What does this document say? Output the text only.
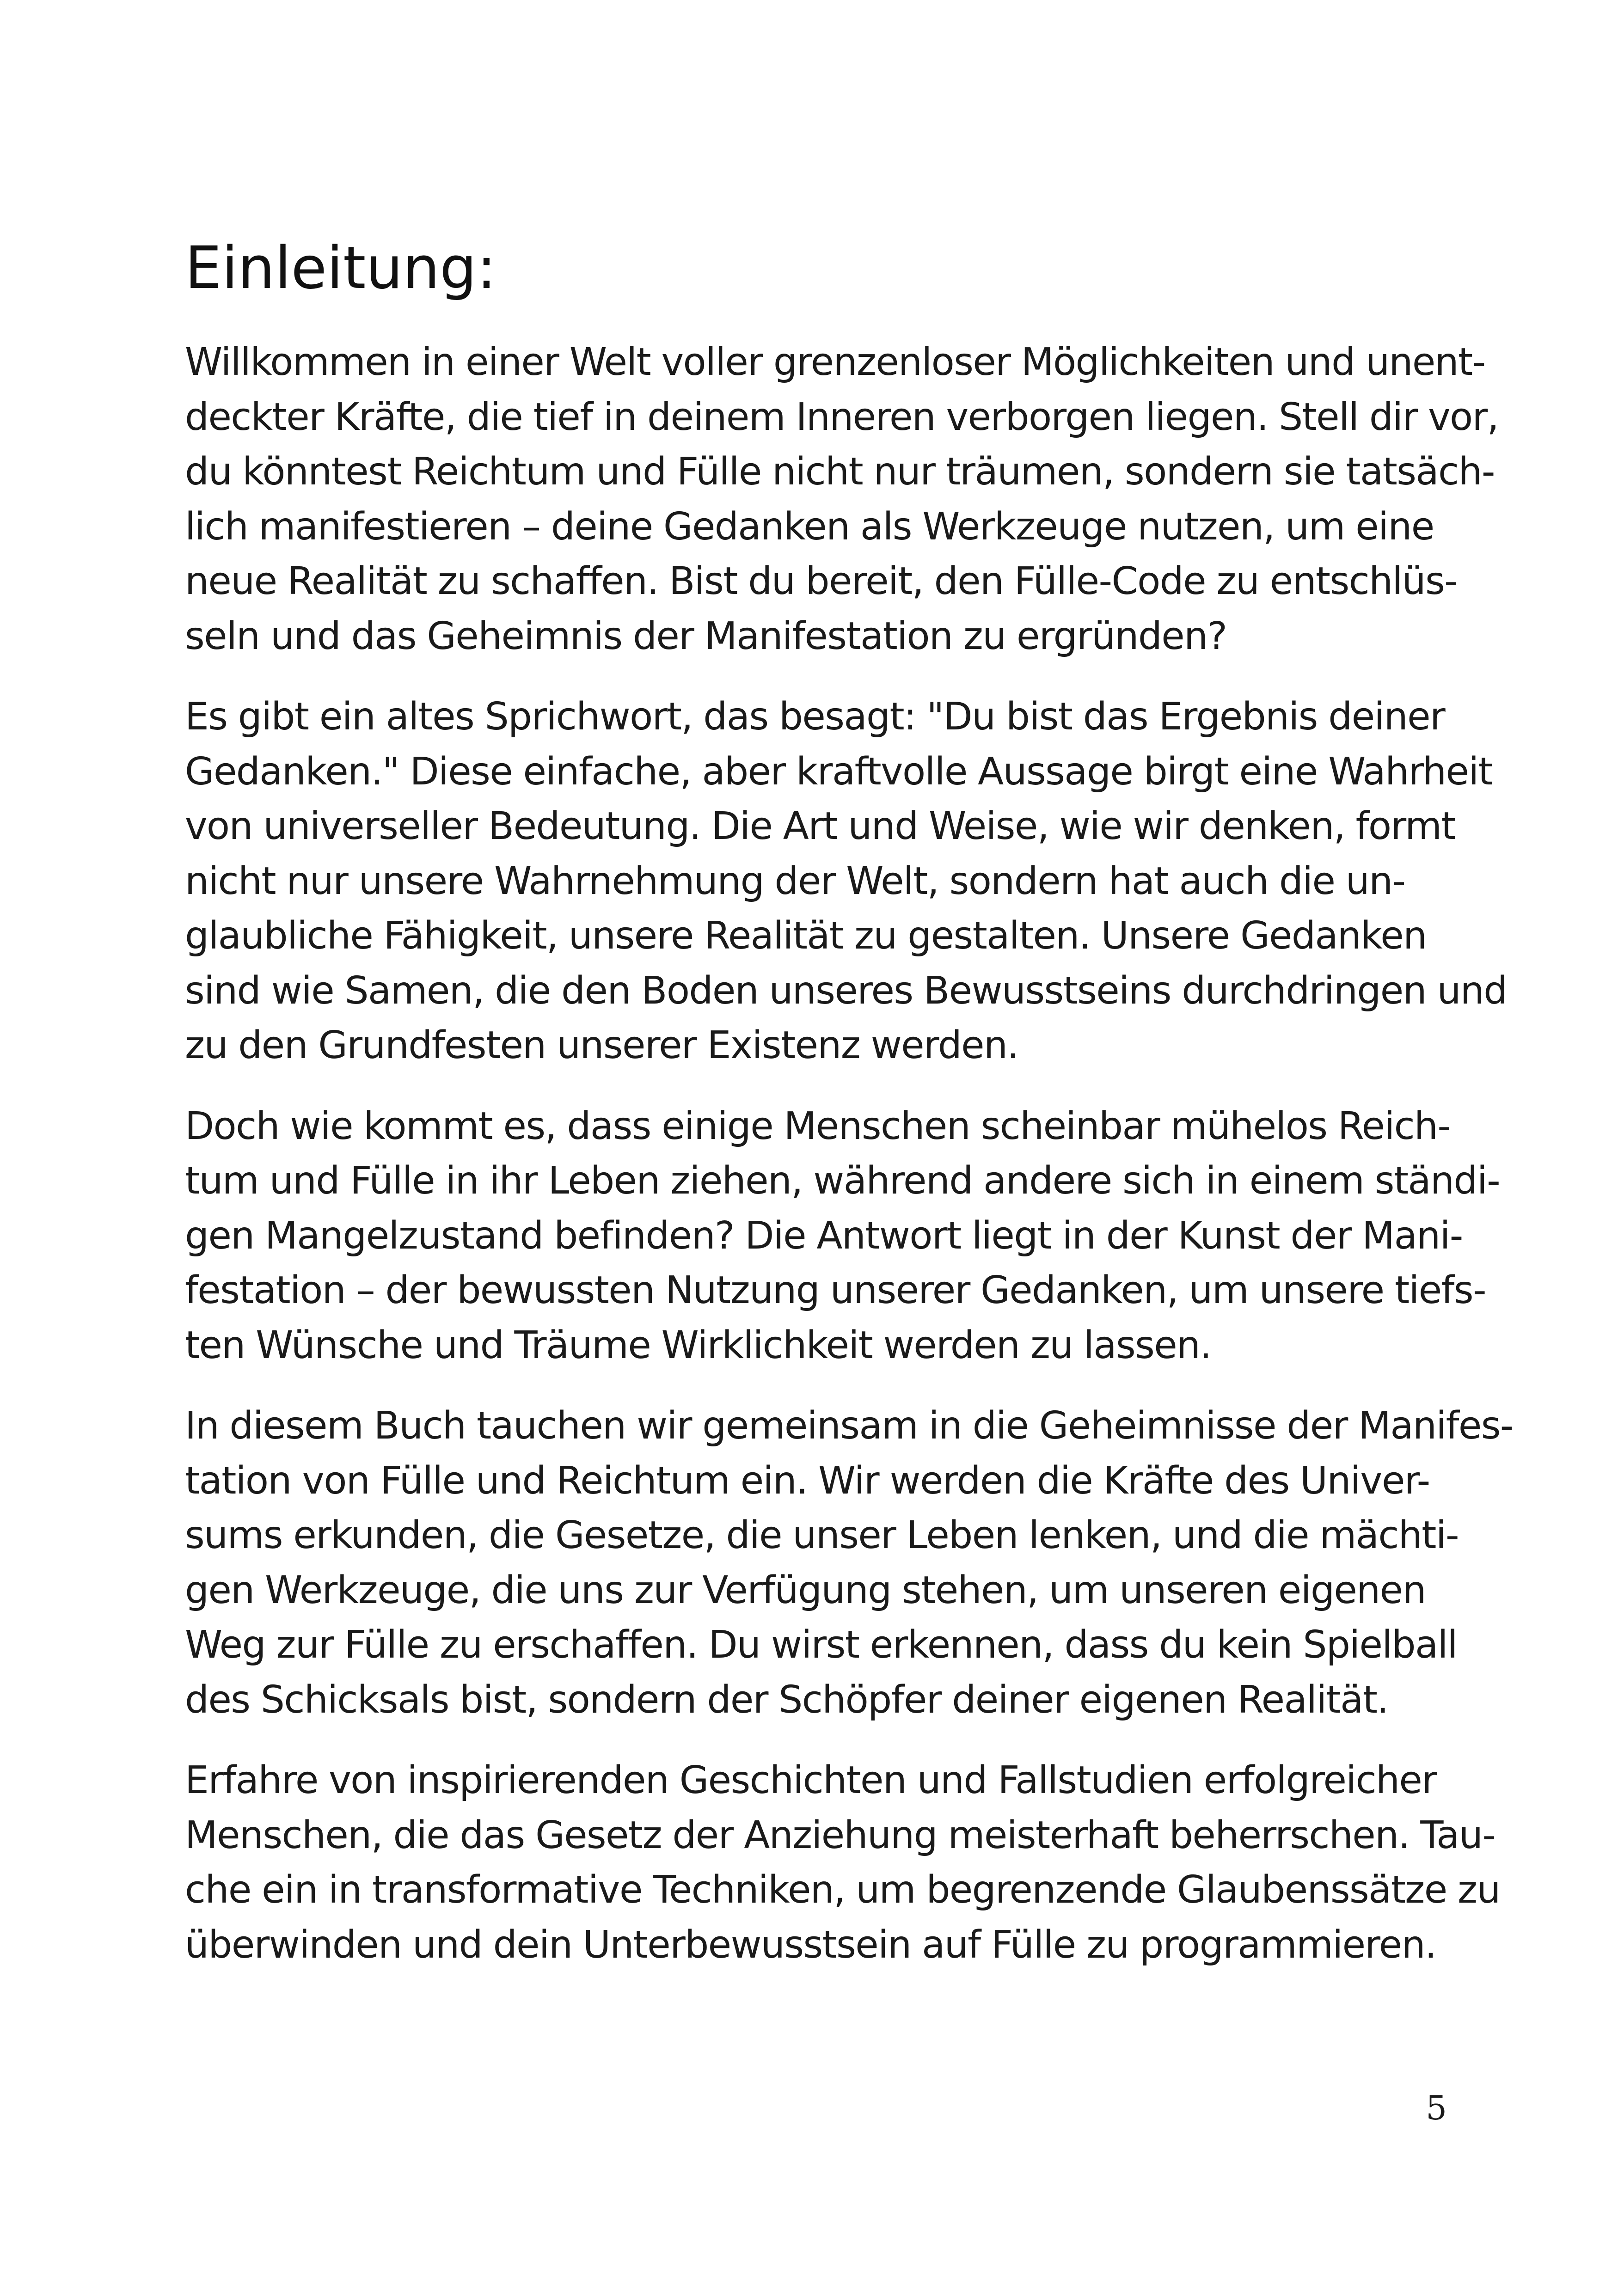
Einleitung:

Willkommen in einer Welt voller grenzenloser Möglichkeiten und unent-
deckter Kräfte, die tief in deinem Inneren verborgen liegen. Stell dir vor,
du könntest Reichtum und Fülle nicht nur träumen, sondern sie tatsäch-
lich manifestieren – deine Gedanken als Werkzeuge nutzen, um eine
neue Realität zu schaffen. Bist du bereit, den Fülle-Code zu entschlüs-
seln und das Geheimnis der Manifestation zu ergründen?

Es gibt ein altes Sprichwort, das besagt: "Du bist das Ergebnis deiner
Gedanken." Diese einfache, aber kraftvolle Aussage birgt eine Wahrheit
von universeller Bedeutung. Die Art und Weise, wie wir denken, formt
nicht nur unsere Wahrnehmung der Welt, sondern hat auch die un-
glaubliche Fähigkeit, unsere Realität zu gestalten. Unsere Gedanken
sind wie Samen, die den Boden unseres Bewusstseins durchdringen und
zu den Grundfesten unserer Existenz werden.

Doch wie kommt es, dass einige Menschen scheinbar mühelos Reich-
tum und Fülle in ihr Leben ziehen, während andere sich in einem ständi-
gen Mangelzustand befinden? Die Antwort liegt in der Kunst der Mani-
festation – der bewussten Nutzung unserer Gedanken, um unsere tiefs-
ten Wünsche und Träume Wirklichkeit werden zu lassen.

In diesem Buch tauchen wir gemeinsam in die Geheimnisse der Manifes-
tation von Fülle und Reichtum ein. Wir werden die Kräfte des Univer-
sums erkunden, die Gesetze, die unser Leben lenken, und die mächti-
gen Werkzeuge, die uns zur Verfügung stehen, um unseren eigenen
Weg zur Fülle zu erschaffen. Du wirst erkennen, dass du kein Spielball
des Schicksals bist, sondern der Schöpfer deiner eigenen Realität.

Erfahre von inspirierenden Geschichten und Fallstudien erfolgreicher
Menschen, die das Gesetz der Anziehung meisterhaft beherrschen. Tau-
che ein in transformative Techniken, um begrenzende Glaubenssätze zu
überwinden und dein Unterbewusstsein auf Fülle zu programmieren.

5
